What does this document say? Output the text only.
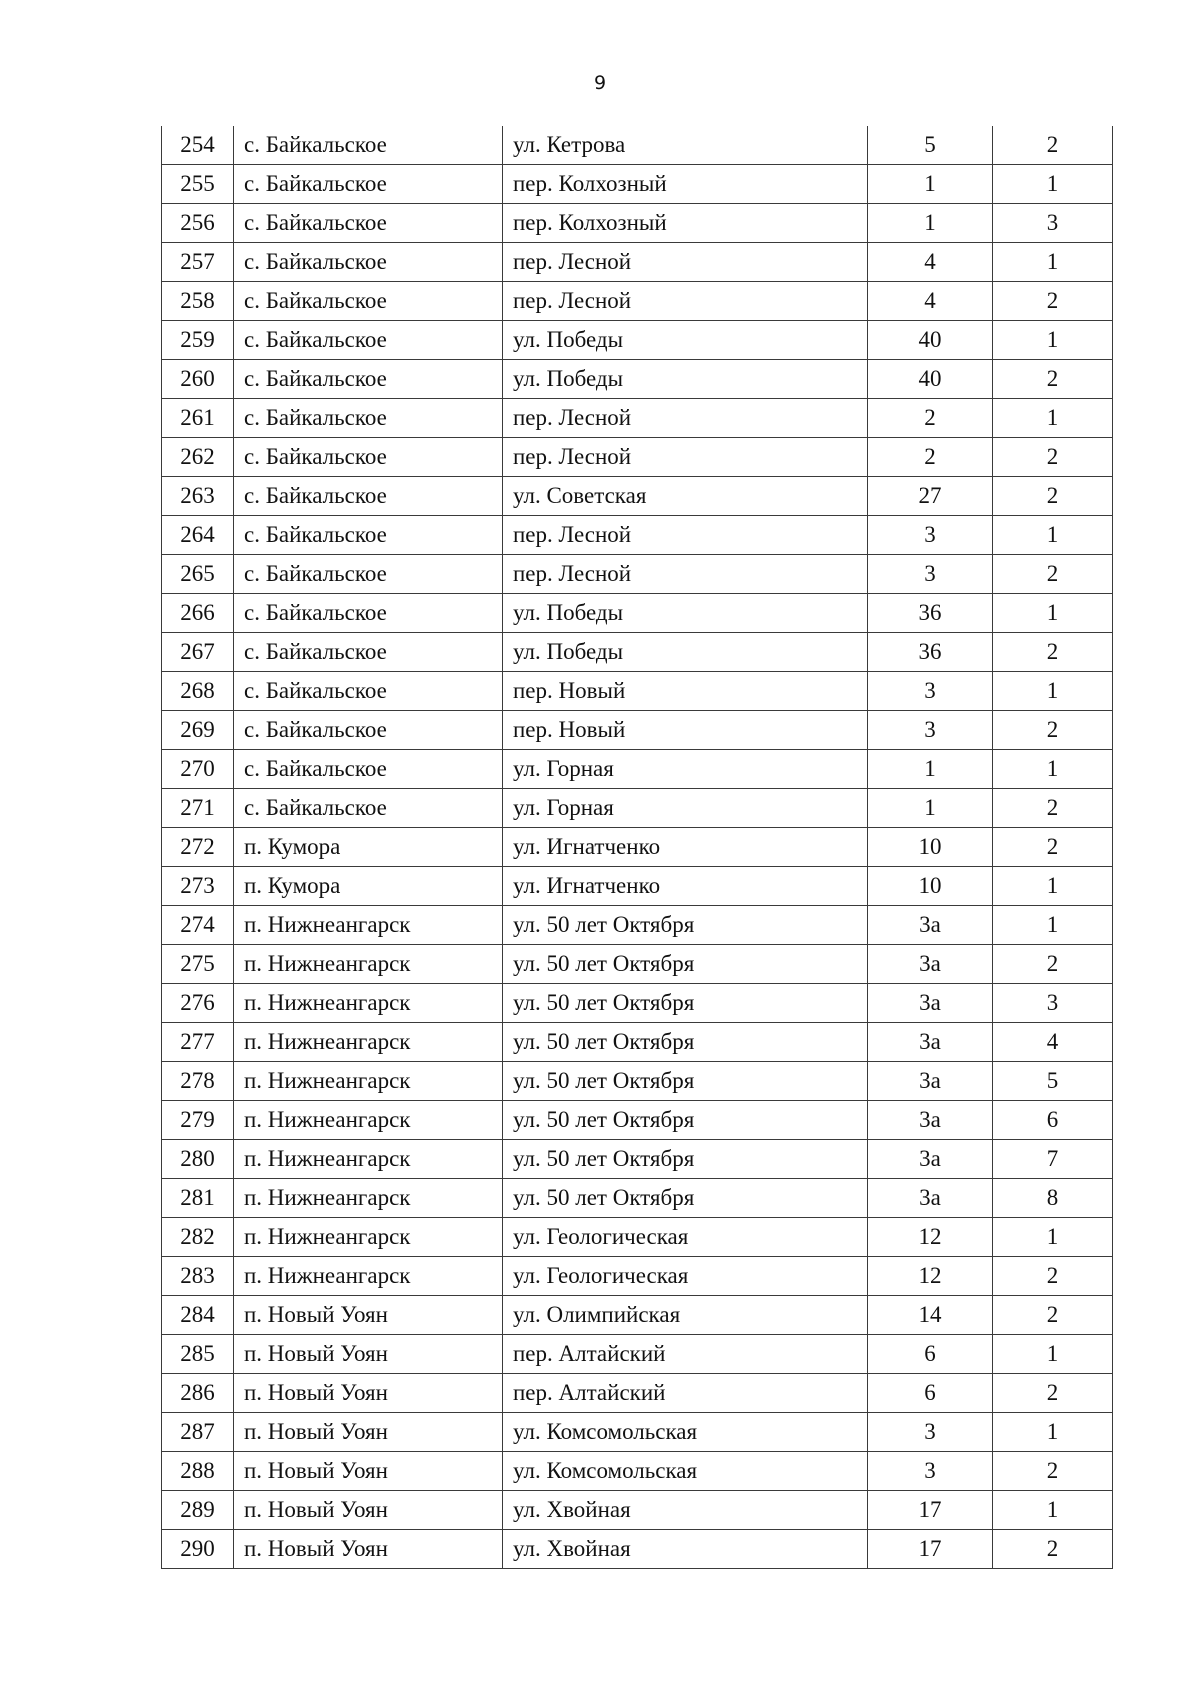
9
254	с. Байкальское	ул. Кетрова	5	2
255	с. Байкальское	пер. Колхозный	1	1
256	с. Байкальское	пер. Колхозный	1	3
257	с. Байкальское	пер. Лесной	4	1
258	с. Байкальское	пер. Лесной	4	2
259	с. Байкальское	ул. Победы	40	1
260	с. Байкальское	ул. Победы	40	2
261	с. Байкальское	пер. Лесной	2	1
262	с. Байкальское	пер. Лесной	2	2
263	с. Байкальское	ул. Советская	27	2
264	с. Байкальское	пер. Лесной	3	1
265	с. Байкальское	пер. Лесной	3	2
266	с. Байкальское	ул. Победы	36	1
267	с. Байкальское	ул. Победы	36	2
268	с. Байкальское	пер. Новый	3	1
269	с. Байкальское	пер. Новый	3	2
270	с. Байкальское	ул. Горная	1	1
271	с. Байкальское	ул. Горная	1	2
272	п. Кумора	ул. Игнатченко	10	2
273	п. Кумора	ул. Игнатченко	10	1
274	п. Нижнеангарск	ул. 50 лет Октября	3а	1
275	п. Нижнеангарск	ул. 50 лет Октября	3а	2
276	п. Нижнеангарск	ул. 50 лет Октября	3а	3
277	п. Нижнеангарск	ул. 50 лет Октября	3а	4
278	п. Нижнеангарск	ул. 50 лет Октября	3а	5
279	п. Нижнеангарск	ул. 50 лет Октября	3а	6
280	п. Нижнеангарск	ул. 50 лет Октября	3а	7
281	п. Нижнеангарск	ул. 50 лет Октября	3а	8
282	п. Нижнеангарск	ул. Геологическая	12	1
283	п. Нижнеангарск	ул. Геологическая	12	2
284	п. Новый Уоян	ул. Олимпийская	14	2
285	п. Новый Уоян	пер. Алтайский	6	1
286	п. Новый Уоян	пер. Алтайский	6	2
287	п. Новый Уоян	ул. Комсомольская	3	1
288	п. Новый Уоян	ул. Комсомольская	3	2
289	п. Новый Уоян	ул. Хвойная	17	1
290	п. Новый Уоян	ул. Хвойная	17	2
